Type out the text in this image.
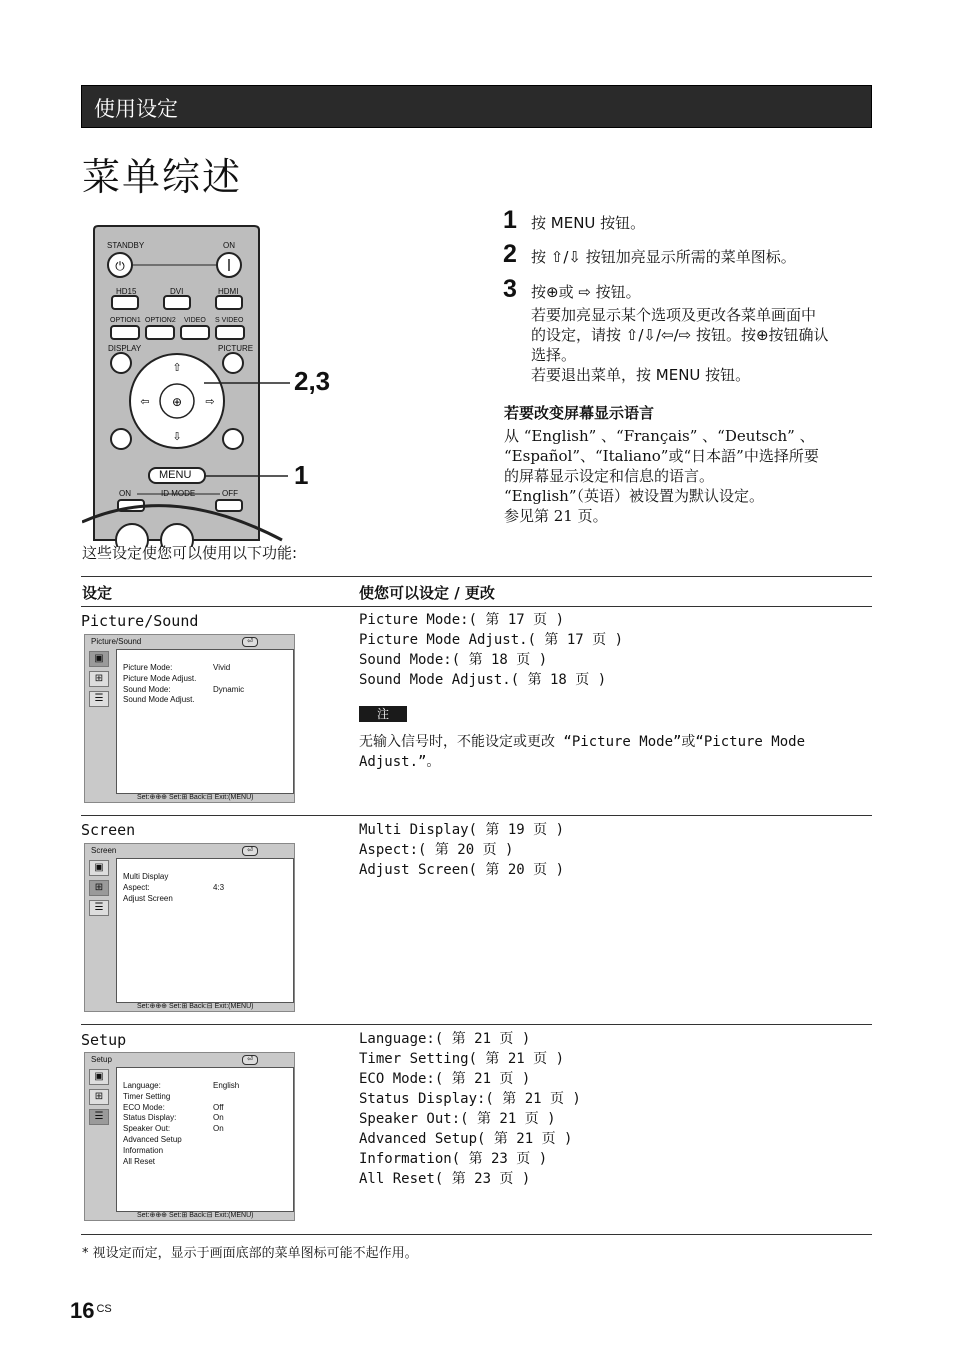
使用设定
菜单综述
⏻
⊕
⇧
⇩
⇦	⇨
STANDBY	ON
HD15	DVI	HDMI
OPTION1 OPTION2 VIDEO S VIDEO
DISPLAY	PICTURE
MENU
ON	ID MODE	OFF
2,3
1
1 按 MENU 按钮。
2 按 ⇧/⇩ 按钮加亮显示所需的菜单图标。
3 按⊕或 ⇨ 按钮。
若要加亮显示某个选项及更改各菜单画面中
的设定，请按 ⇧/⇩/⇦/⇨ 按钮。按⊕按钮确认
选择。
若要退出菜单，按 MENU 按钮。
若要改变屏幕显示语言
从 “English” 、“Français” 、“Deutsch” 、
“Español”、“Italiano”或“日本語”中选择所要
的屏幕显示设定和信息的语言。
“English”（英语）被设置为默认设定。
参见第 21 页。
这些设定使您可以使用以下功能:
设定	使您可以设定 / 更改
Picture/Sound
Picture/Sound	⏎
▣
⊞
☰
Picture Mode:	Vivid
Picture Mode Adjust.
Sound Mode:	Dynamic
Sound Mode Adjust.
Set:⊕⊕⊕ Set:⊞ Back:⊟ Exit:(MENU)
Picture Mode:( 第 17 页 )
Picture Mode Adjust.( 第 17 页 )
Sound Mode:( 第 18 页 )
Sound Mode Adjust.( 第 18 页 )
注
无输入信号时，不能设定或更改 “Picture Mode”或“Picture Mode
Adjust.”。
Screen
Screen	⏎
▣
⊞
☰
Multi Display
Aspect:	4:3
Adjust Screen
Set:⊕⊕⊕ Set:⊞ Back:⊟ Exit:(MENU)
Multi Display( 第 19 页 )
Aspect:( 第 20 页 )
Adjust Screen( 第 20 页 )
Setup
Setup	⏎
▣
⊞
☰
Language:	English
Timer Setting
ECO Mode:	Off
Status Display:	On
Speaker Out:	On
Advanced Setup
Information
All Reset
Set:⊕⊕⊕ Set:⊞ Back:⊟ Exit:(MENU)
Language:( 第 21 页 )
Timer Setting( 第 21 页 )
ECO Mode:( 第 21 页 )
Status Display:( 第 21 页 )
Speaker Out:( 第 21 页 )
Advanced Setup( 第 21 页 )
Information( 第 23 页 )
All Reset( 第 23 页 )
* 视设定而定，显示于画面底部的菜单图标可能不起作用。
16 $^{CS}$
